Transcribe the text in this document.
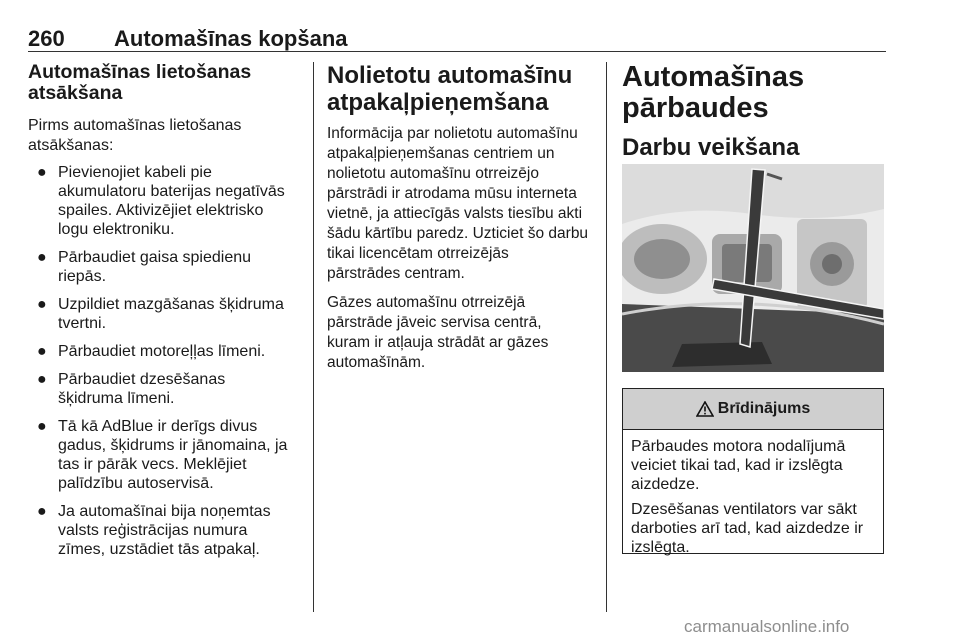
260 Automašīnas kopšana
Automašīnas lietošanas
atsākšana

Pirms automašīnas lietošanas
atsākšanas:

● Pievienojiet kabeli pie
akumulatoru baterijas negatīvās
spailes. Aktivizējiet elektrisko
logu elektroniku.
● Pārbaudiet gaisa spiedienu
riepās.
● Uzpildiet mazgāšanas šķidruma
tvertni.
● Pārbaudiet motoreļļas līmeni.
● Pārbaudiet dzesēšanas
šķidruma līmeni.
● Tā kā AdBlue ir derīgs divus
gadus, šķidrums ir jānomaina, ja
tas ir pārāk vecs. Meklējiet
palīdzību autoservisā.
● Ja automašīnai bija noņemtas
valsts reģistrācijas numura
zīmes, uzstādiet tās atpakaļ.
Nolietotu automašīnu
atpakaļpieņemšana

Informācija par nolietotu automašīnu
atpakaļpieņemšanas centriem un
nolietotu automašīnu otrreizējo
pārstrādi ir atrodama mūsu interneta
vietnē, ja attiecīgās valsts tiesību akti
šādu kārtību paredz. Uzticiet šo darbu
tikai licencētam otrreizējās
pārstrādes centram.

Gāzes automašīnu otrreizējā
pārstrāde jāveic servisa centrā,
kuram ir atļauja strādāt ar gāzes
automašīnām.

Automašīnas
pārbaudes
Darbu veikšana
Brīdinājums

Pārbaudes motora nodalījumā
veiciet tikai tad, kad ir izslēgta
aizdedze.

Dzesēšanas ventilators var sākt
darboties arī tad, kad aizdedze ir
izslēgta.

carmanualsonline.info
